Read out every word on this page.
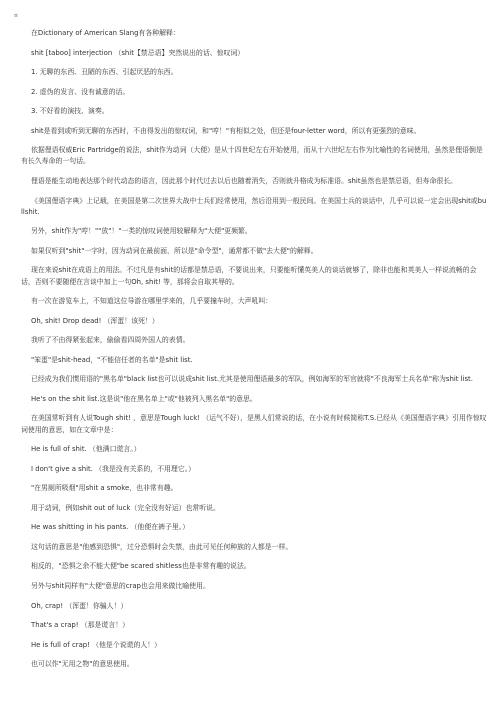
¤

在Dictionary of American Slang有各种解释：

shit [taboo] interjection （shit【禁忌语】突然说出的话、惊叹词）

1. 无聊的东西、丑陋的东西、引起厌恶的东西。

2. 虚伪的发言、没有诚意的话。

3. 不好看的演技、演奏。

shit是看到或听到无聊的东西时，不由得发出的惊叹词，和"哼！"有相似之处，但还是four-letter word，所以有更强烈的意味。

依据俚语权威Eric Partridge的说法，shit作为动词（大便）是从十四世纪左右开始使用，而从十六世纪左右作为比喻性的名词使用，虽然是俚语倒是有长久寿命的一句话。

俚语是能生动地表达那个时代动态的语言，因此那个时代过去以后也随着消失，否则就升格成为标准语。shit虽然也是禁忌语，但寿命很长。

《美国俚语字典》上记载，在美国是第二次世界大战中士兵们经常使用，然后沿用到一般民间。在美国士兵的谈话中，几乎可以说一定会出现shit或bullshit.

另外，shit作为"哼！""放"！"一类的惊叹词使用较解释为"大便"更频繁。

如果仅听到"shit"一字时，因为动词在最前面，所以是"命令型"，通常都不做"去大便"的解释。

现在来说shit在成语上的用法。不过凡是有shit的话都是禁忌语，不要说出来，只要能听懂英美人的谈话就够了，除非也能和英美人一样说流畅的会话，否则不要随便在言谈中加上一句Oh, shit! 等，那将会自取其辱的。

有一次在游览车上，不知道这位导游在哪里学来的，几乎要撞车时，大声吼叫：

Oh, shit! Drop dead! （浑蛋！该死！）

我听了不由得紧张起来，偷偷看四周外国人的表情。

"笨蛋"是shit-head，"不能信任者的名单"是shit list.

已经成为我们惯用语的"黑名单"black list也可以说成shit list.尤其是使用俚语最多的军队，例如海军的军官就将"不良海军士兵名单"称为shit list.

He's on the shit list.这是说"他在黑名单上"或"他被列入黑名单"的意思。

在美国常听到有人说Tough shit! ，意思是Tough luck! （运气不好），是黑人们常说的话，在小说有时候简称T.S.已经从《美国俚语字典》引用作惊叹词使用的意思，如在文章中是：

He is full of shit. （他满口谎言。）

I don't give a shit. （我是没有关系的，不用理它。）

"在男厕所吸烟"用shit a smoke，也非常有趣。

用于动词，例如shit out of luck（完全没有好运）也常听说。

He was shitting in his pants. （他便在裤子里。）

这句话的意思是"他感到恐惧"，过分恐惧时会失禁，由此可见任何种族的人都是一样。

相反的，"恐惧之余不能大便"be scared shitless也是非常有趣的说法。

另外与shit同样有"大便"意思的crap也会用来做比喻使用。

Oh, crap! （浑蛋！你骗人！）

That's a crap! （那是谎言！）

He is full of crap! （他是个说谎的人！）

也可以作"无用之物"的意思使用。
